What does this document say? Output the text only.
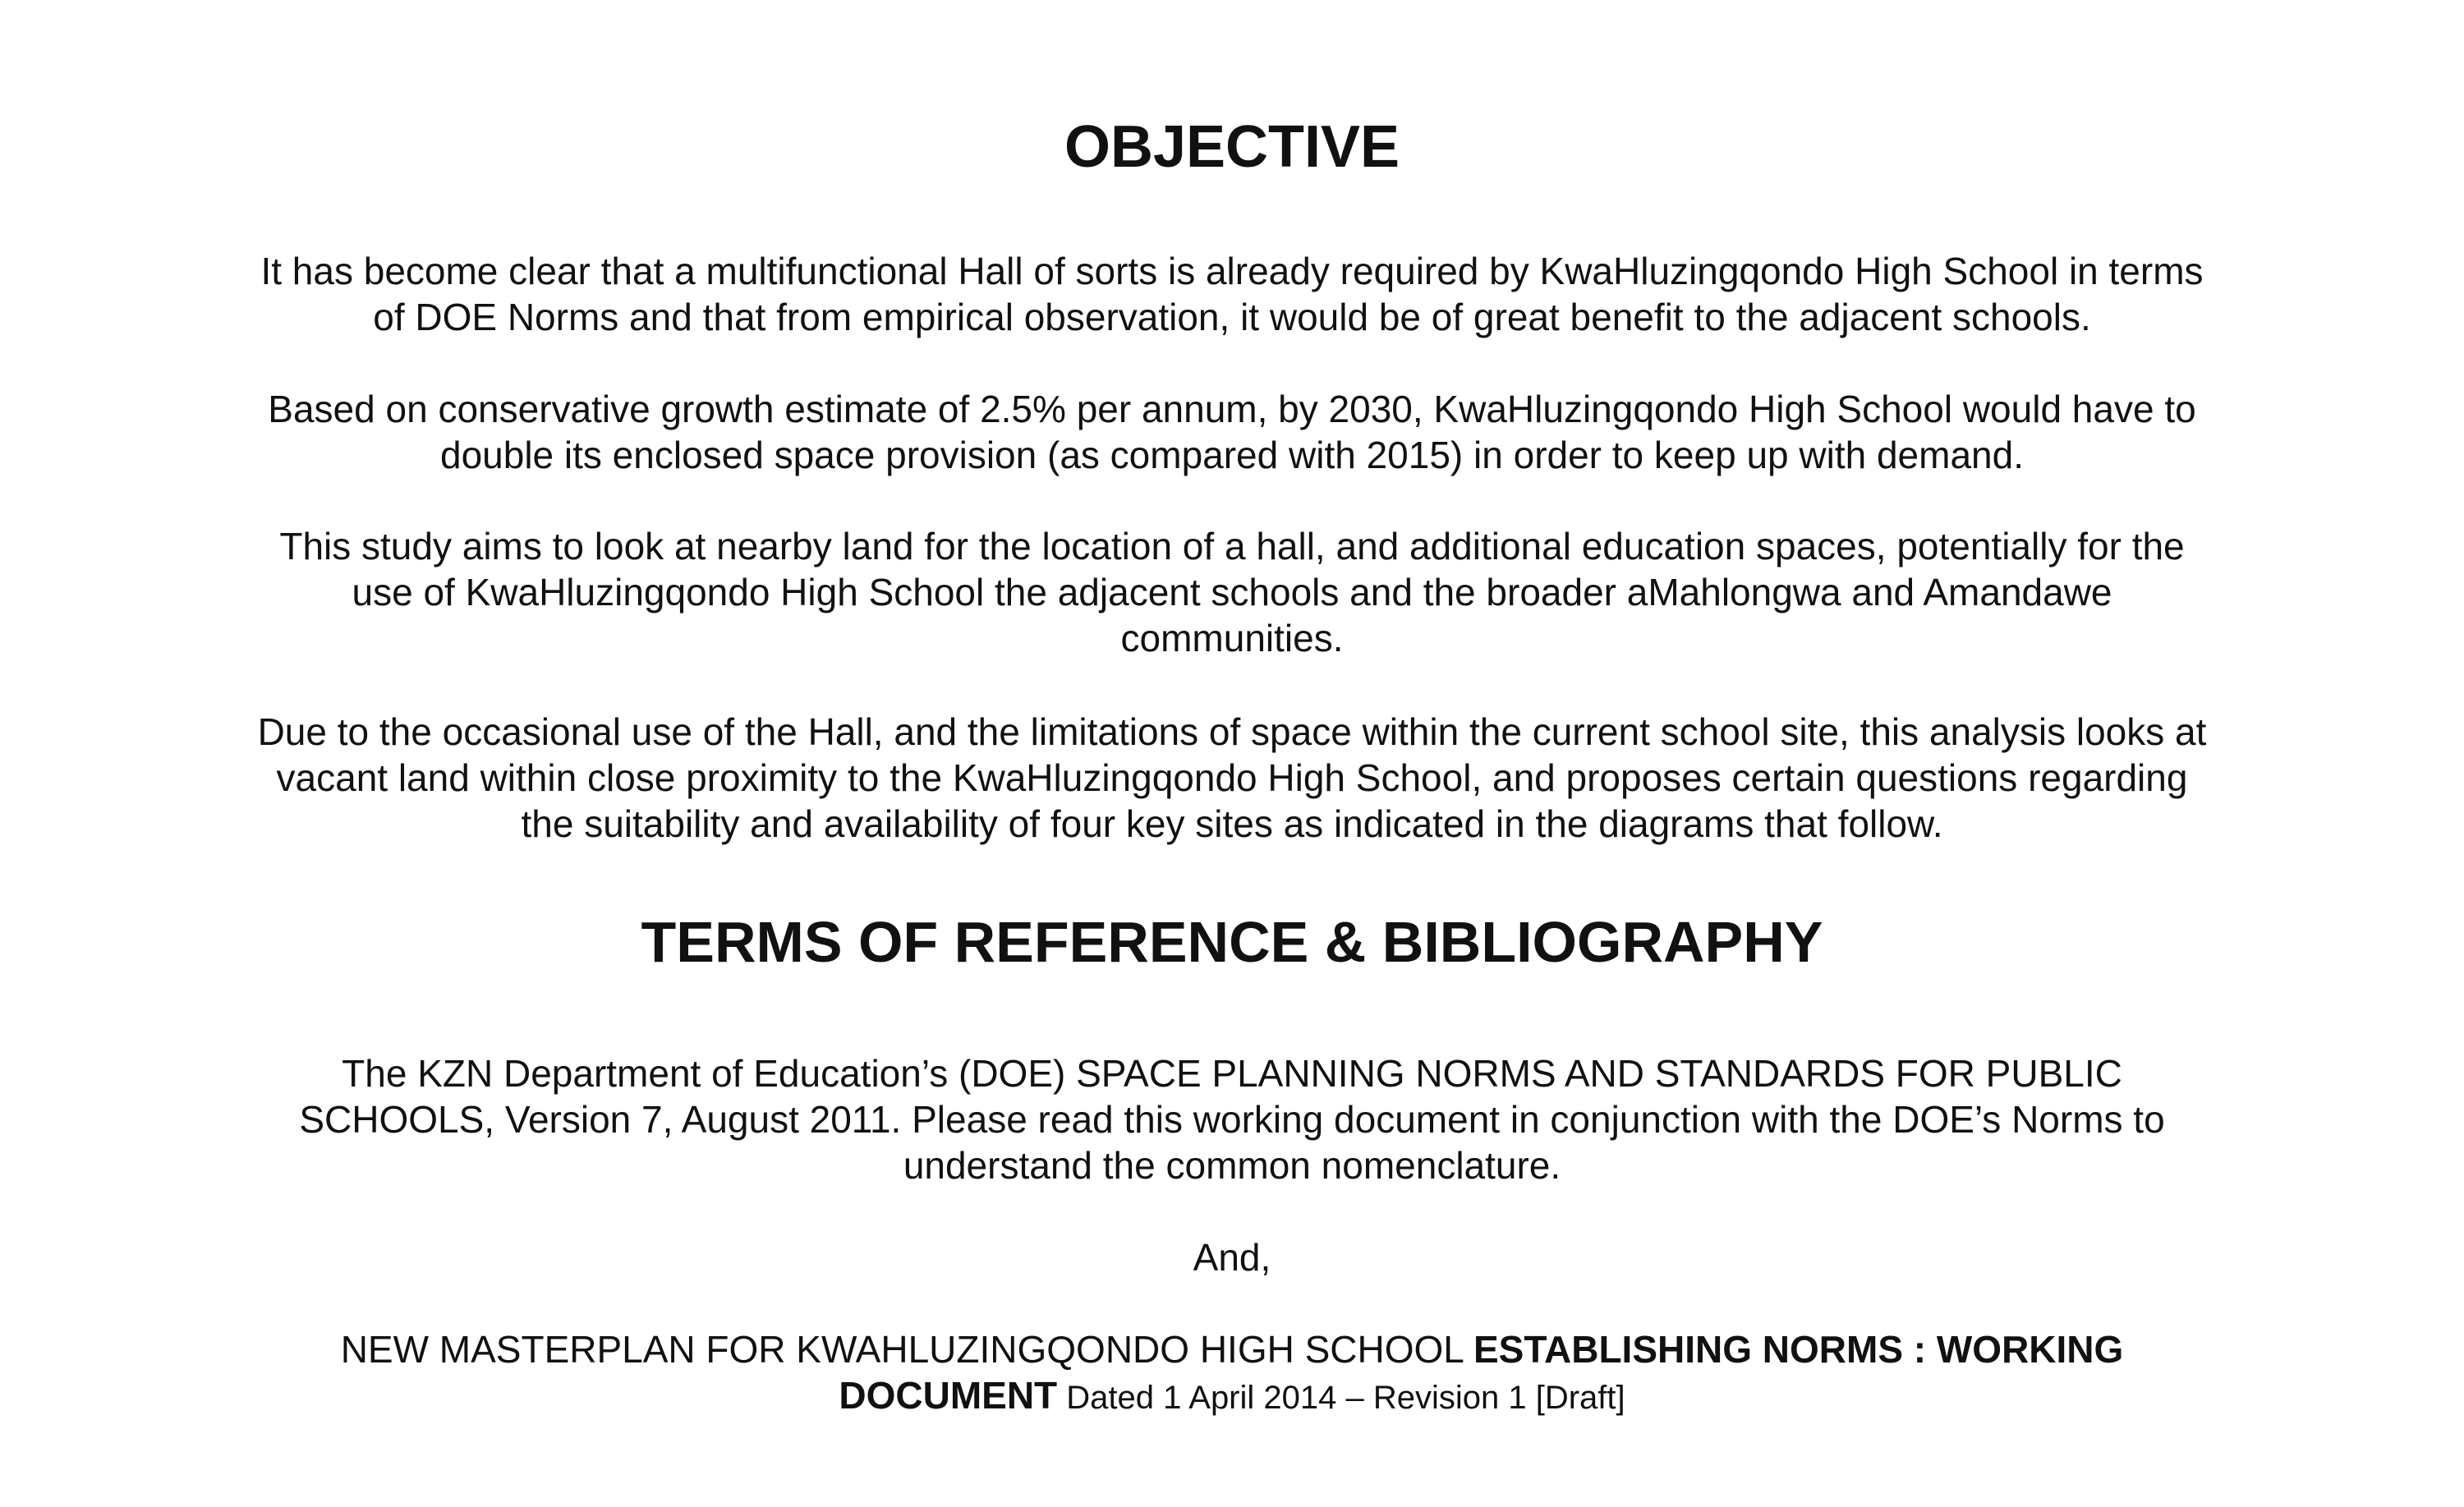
OBJECTIVE

It has become clear that a multifunctional Hall of sorts is already required by KwaHluzingqondo High School in terms of DOE Norms and that from empirical observation, it would be of great benefit to the adjacent schools.

Based on conservative growth estimate of 2.5% per annum, by 2030, KwaHluzingqondo High School would have to double its enclosed space provision (as compared with 2015) in order to keep up with demand.

This study aims to look at nearby land for the location of a hall, and additional education spaces, potentially for the use of KwaHluzingqondo High School the adjacent schools and the broader aMahlongwa and Amandawe communities.

Due to the occasional use of the Hall, and the limitations of space within the current school site, this analysis looks at vacant land within close proximity to the KwaHluzingqondo High School, and proposes certain questions regarding the suitability and availability of four key sites as indicated in the diagrams that follow.

TERMS OF REFERENCE & BIBLIOGRAPHY

The KZN Department of Education’s (DOE) SPACE PLANNING NORMS AND STANDARDS FOR PUBLIC SCHOOLS, Version 7, August 2011. Please read this working document in conjunction with the DOE’s Norms to understand the common nomenclature.

And,

NEW MASTERPLAN FOR KWAHLUZINGQONDO HIGH SCHOOL ESTABLISHING NORMS : WORKING DOCUMENT Dated 1 April 2014 – Revision 1 [Draft]
